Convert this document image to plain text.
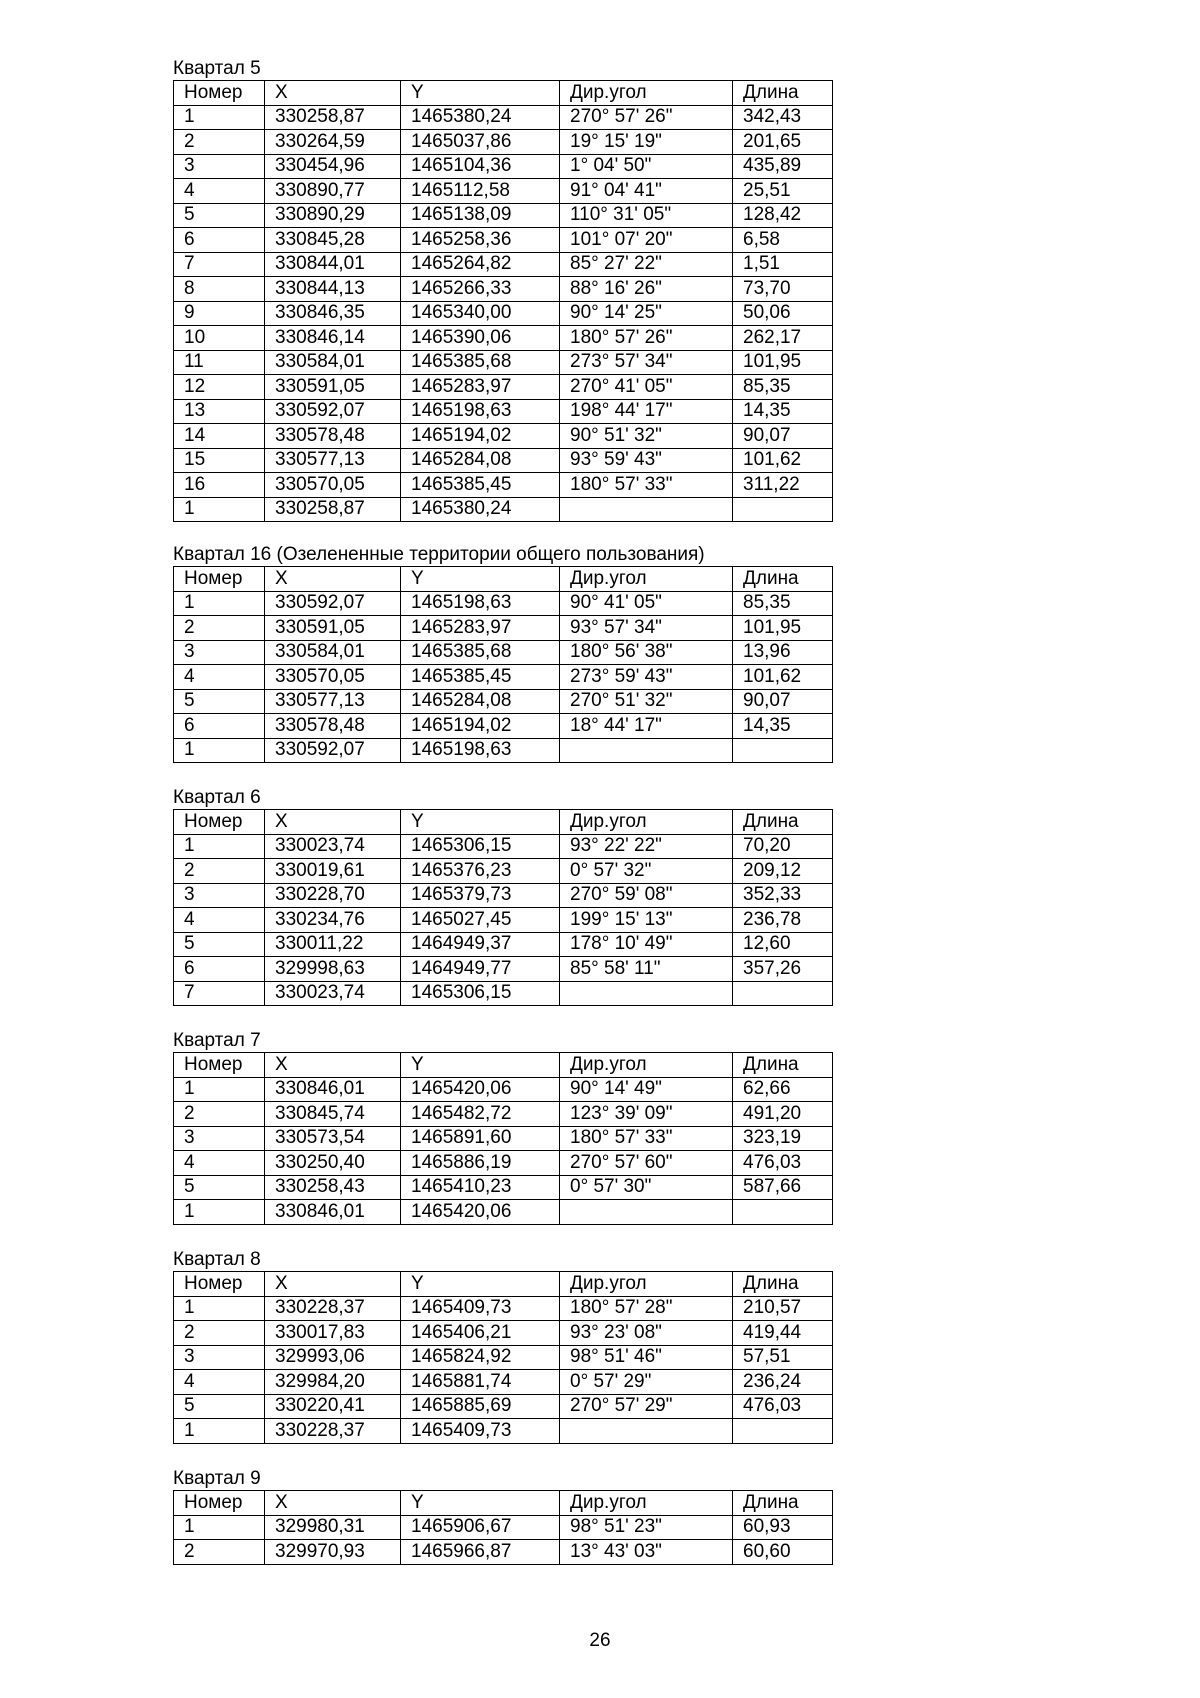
Квартал 5
Номер	X	Y	Дир.угол	Длина
1	330258,87	1465380,24	270° 57' 26"	342,43
2	330264,59	1465037,86	19° 15' 19"	201,65
3	330454,96	1465104,36	1° 04' 50"	435,89
4	330890,77	1465112,58	91° 04' 41"	25,51
5	330890,29	1465138,09	110° 31' 05"	128,42
6	330845,28	1465258,36	101° 07' 20"	6,58
7	330844,01	1465264,82	85° 27' 22"	1,51
8	330844,13	1465266,33	88° 16' 26"	73,70
9	330846,35	1465340,00	90° 14' 25"	50,06
10	330846,14	1465390,06	180° 57' 26"	262,17
11	330584,01	1465385,68	273° 57' 34"	101,95
12	330591,05	1465283,97	270° 41' 05"	85,35
13	330592,07	1465198,63	198° 44' 17"	14,35
14	330578,48	1465194,02	90° 51' 32"	90,07
15	330577,13	1465284,08	93° 59' 43"	101,62
16	330570,05	1465385,45	180° 57' 33"	311,22
1	330258,87	1465380,24		
Квартал 16 (Озелененные территории общего пользования)
Номер	X	Y	Дир.угол	Длина
1	330592,07	1465198,63	90° 41' 05"	85,35
2	330591,05	1465283,97	93° 57' 34"	101,95
3	330584,01	1465385,68	180° 56' 38"	13,96
4	330570,05	1465385,45	273° 59' 43"	101,62
5	330577,13	1465284,08	270° 51' 32"	90,07
6	330578,48	1465194,02	18° 44' 17"	14,35
1	330592,07	1465198,63		
Квартал 6
Номер	X	Y	Дир.угол	Длина
1	330023,74	1465306,15	93° 22' 22"	70,20
2	330019,61	1465376,23	0° 57' 32"	209,12
3	330228,70	1465379,73	270° 59' 08"	352,33
4	330234,76	1465027,45	199° 15' 13"	236,78
5	330011,22	1464949,37	178° 10' 49"	12,60
6	329998,63	1464949,77	85° 58' 11"	357,26
7	330023,74	1465306,15		
Квартал 7
Номер	X	Y	Дир.угол	Длина
1	330846,01	1465420,06	90° 14' 49"	62,66
2	330845,74	1465482,72	123° 39' 09"	491,20
3	330573,54	1465891,60	180° 57' 33"	323,19
4	330250,40	1465886,19	270° 57' 60"	476,03
5	330258,43	1465410,23	0° 57' 30"	587,66
1	330846,01	1465420,06		
Квартал 8
Номер	X	Y	Дир.угол	Длина
1	330228,37	1465409,73	180° 57' 28"	210,57
2	330017,83	1465406,21	93° 23' 08"	419,44
3	329993,06	1465824,92	98° 51' 46"	57,51
4	329984,20	1465881,74	0° 57' 29"	236,24
5	330220,41	1465885,69	270° 57' 29"	476,03
1	330228,37	1465409,73		
Квартал 9
Номер	X	Y	Дир.угол	Длина
1	329980,31	1465906,67	98° 51' 23"	60,93
2	329970,93	1465966,87	13° 43' 03"	60,60
26
